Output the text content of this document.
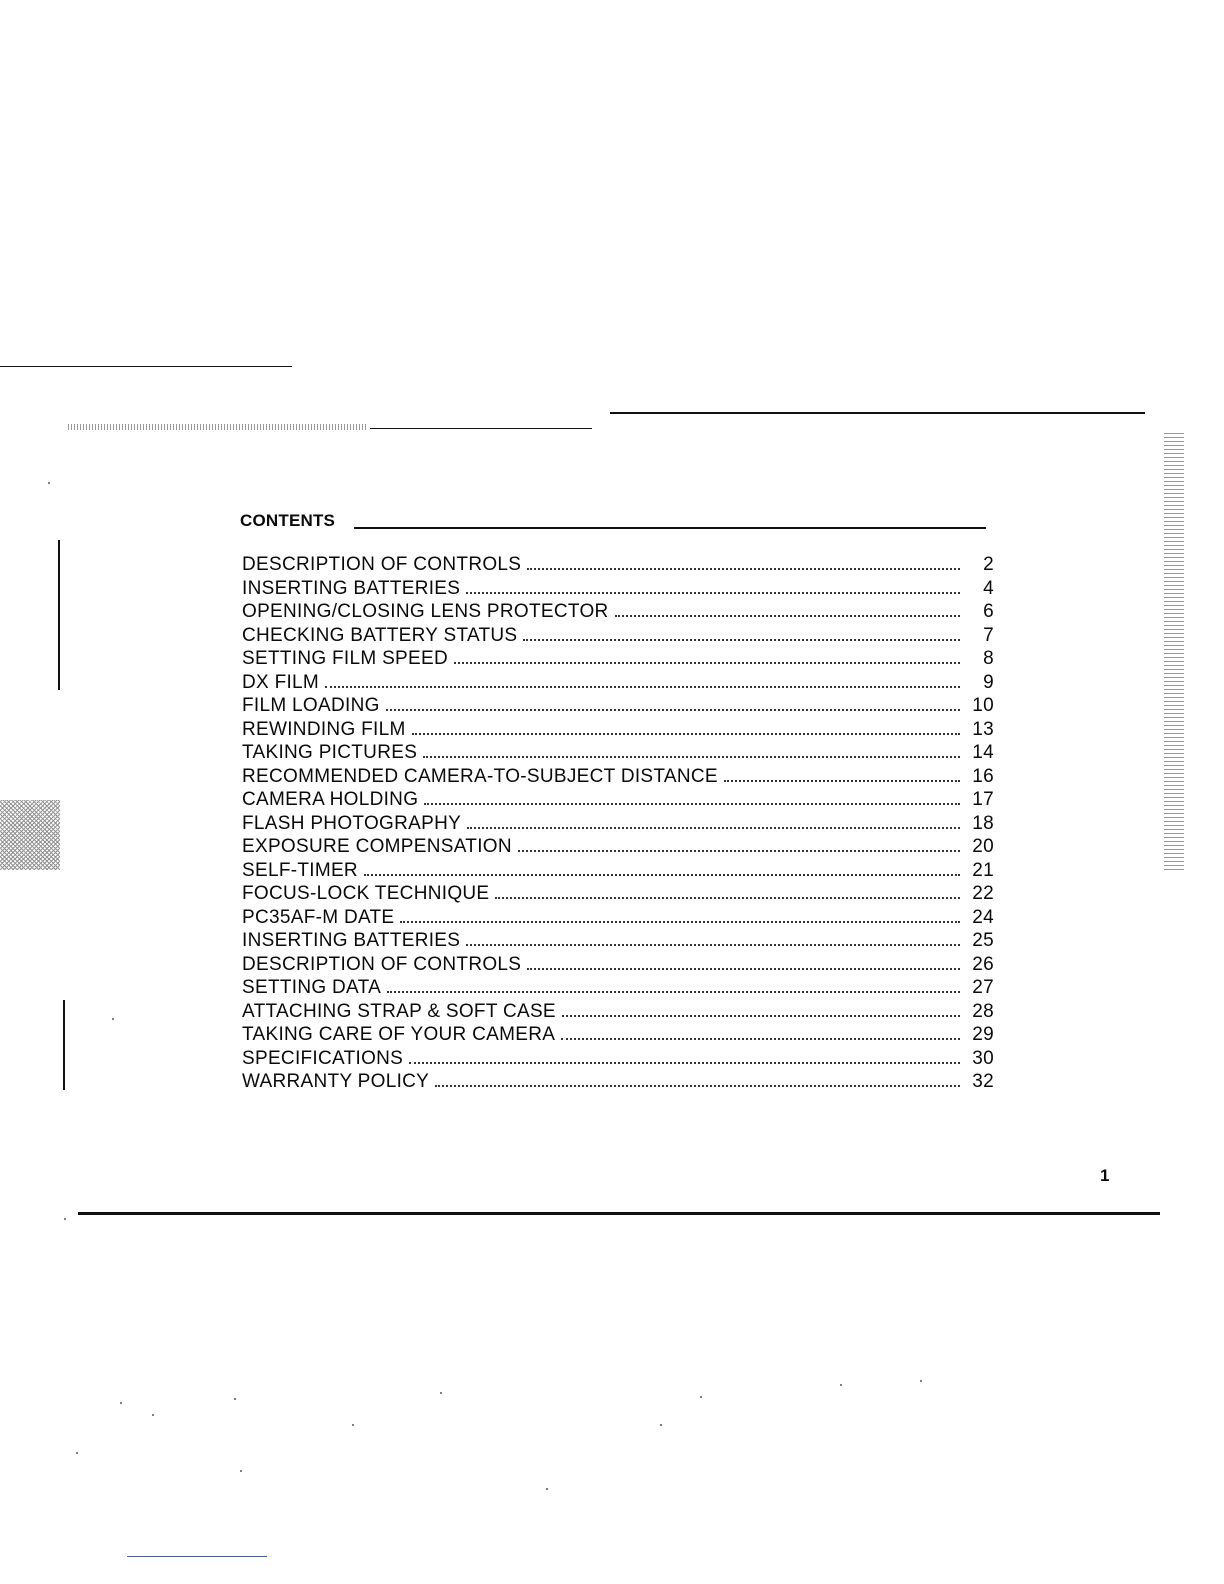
CONTENTS
DESCRIPTION OF CONTROLS	2
INSERTING BATTERIES	4
OPENING/CLOSING LENS PROTECTOR	6
CHECKING BATTERY STATUS	7
SETTING FILM SPEED	8
DX FILM	9
FILM LOADING	10
REWINDING FILM	13
TAKING PICTURES	14
RECOMMENDED CAMERA-TO-SUBJECT DISTANCE	16
CAMERA HOLDING	17
FLASH PHOTOGRAPHY	18
EXPOSURE COMPENSATION	20
SELF-TIMER	21
FOCUS-LOCK TECHNIQUE	22
PC35AF-M DATE	24
INSERTING BATTERIES	25
DESCRIPTION OF CONTROLS	26
SETTING DATA	27
ATTACHING STRAP & SOFT CASE	28
TAKING CARE OF YOUR CAMERA	29
SPECIFICATIONS	30
WARRANTY POLICY	32
1
